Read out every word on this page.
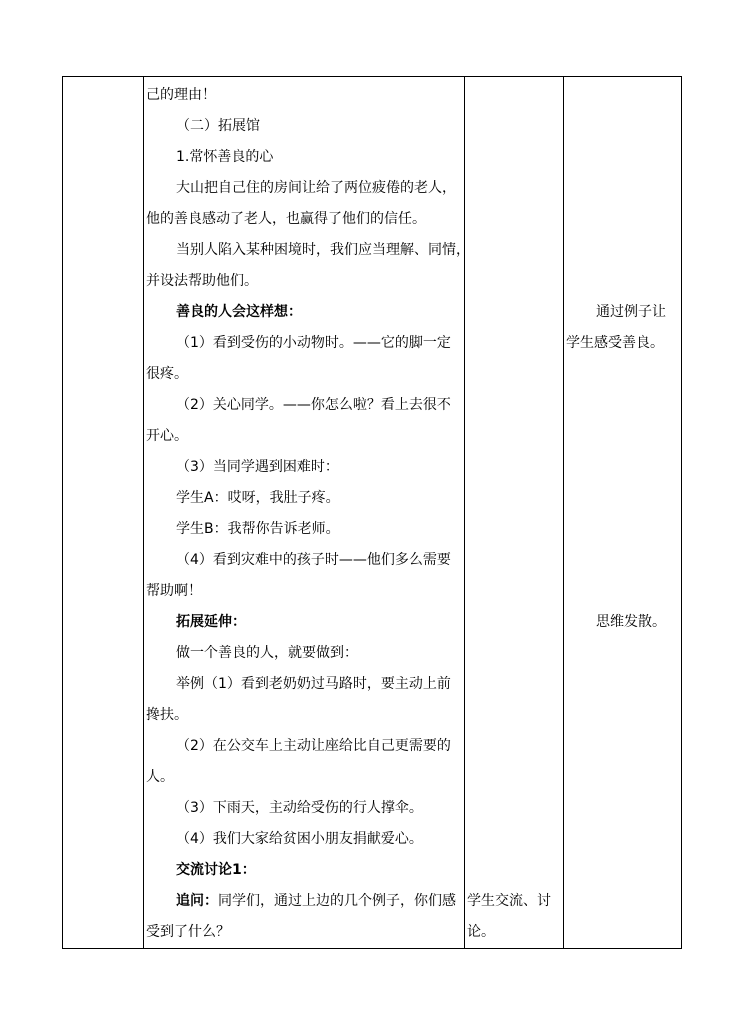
己的理由！
（二）拓展馆
1.常怀善良的心
大山把自己住的房间让给了两位疲倦的老人，
他的善良感动了老人，也赢得了他们的信任。
当别人陷入某种困境时，我们应当理解、同情，
并设法帮助他们。
善良的人会这样想：
（1）看到受伤的小动物时。——它的脚一定
很疼。
（2）关心同学。——你怎么啦？看上去很不
开心。
（3）当同学遇到困难时：
学生A：哎呀，我肚子疼。
学生B：我帮你告诉老师。
（4）看到灾难中的孩子时——他们多么需要
帮助啊！
拓展延伸：
做一个善良的人，就要做到：
举例（1）看到老奶奶过马路时，要主动上前
搀扶。
（2）在公交车上主动让座给比自己更需要的
人。
（3）下雨天，主动给受伤的行人撑伞。
（4）我们大家给贫困小朋友捐献爱心。
交流讨论1：
追问：同学们，通过上边的几个例子，你们感
受到了什么？
学生交流、讨
论。
通过例子让
学生感受善良。
思维发散。
